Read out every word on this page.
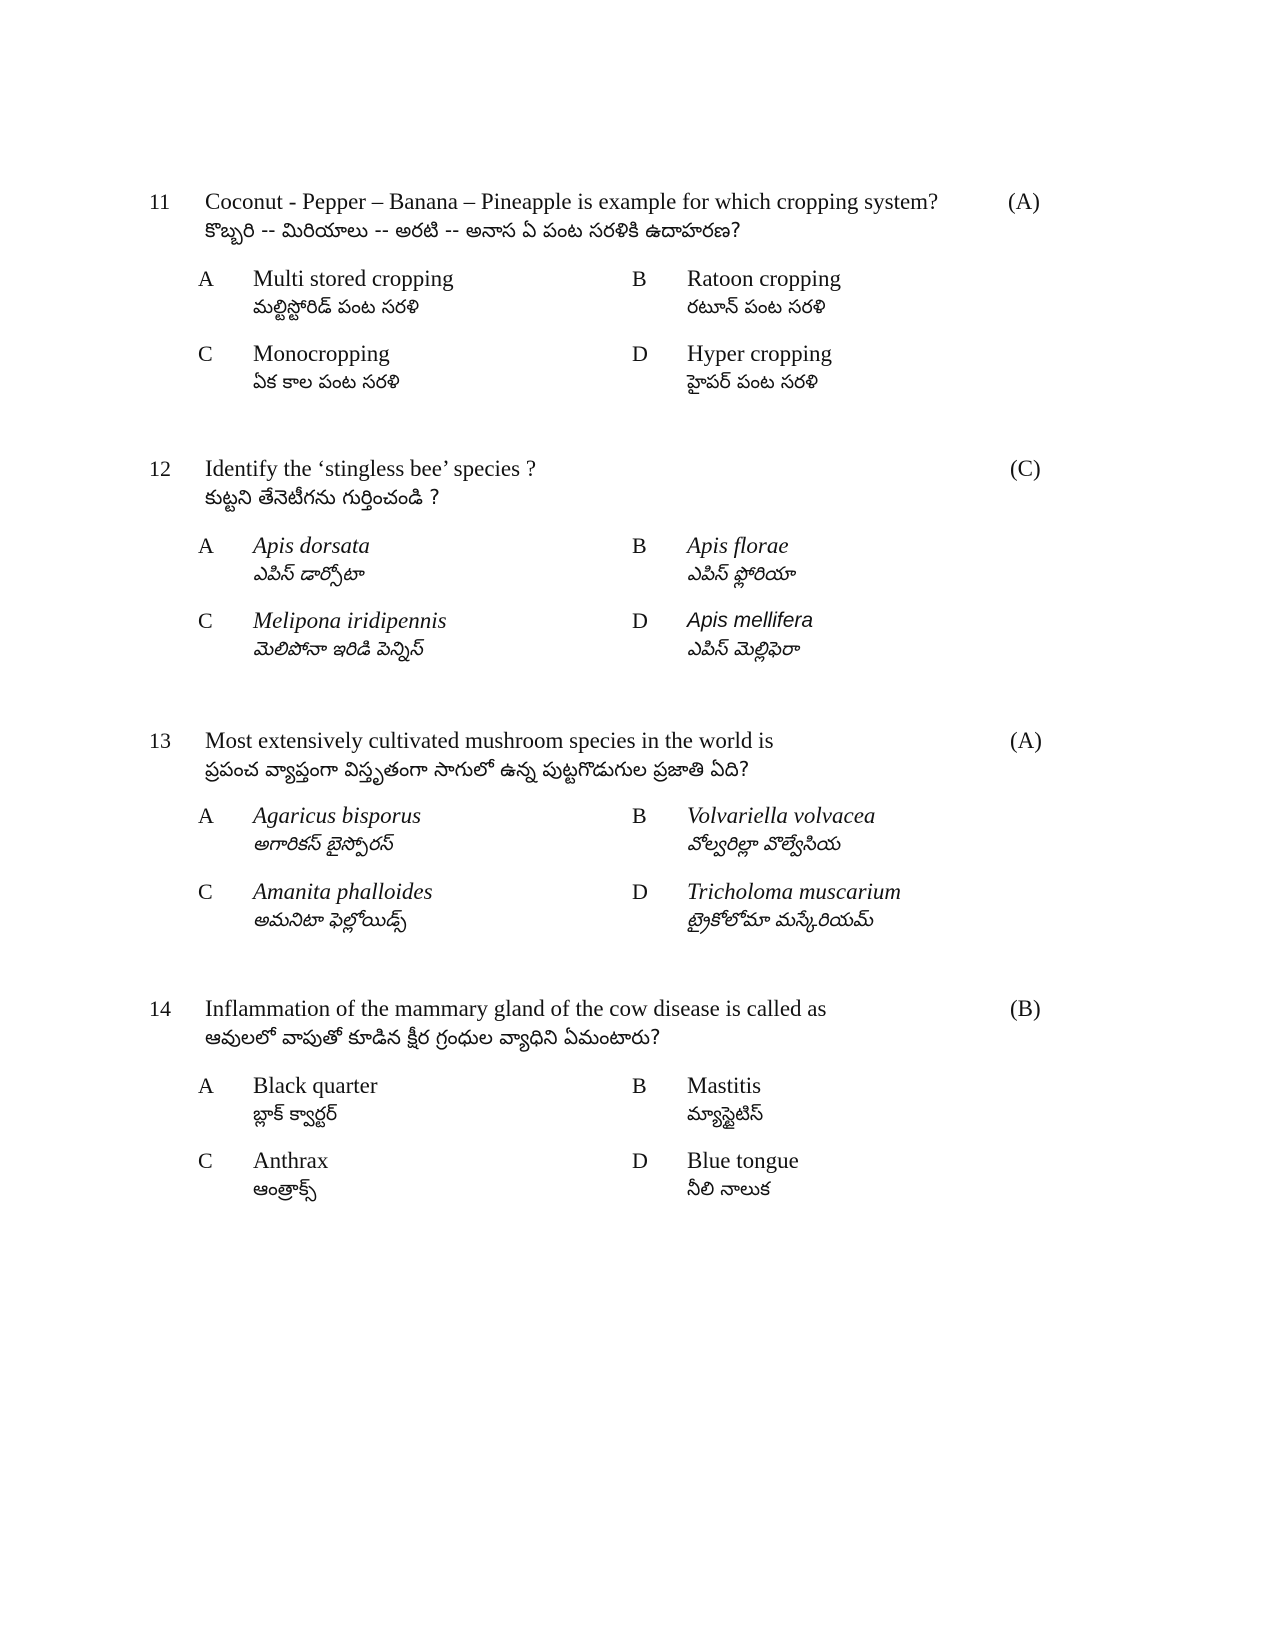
11 Coconut - Pepper – Banana – Pineapple is example for which cropping system?
కొబ్బరి -- మిరియాలు -- అరటి -- అనాస ఏ పంట సరళికి ఉదాహరణ?
(A)
A Multi stored cropping
మల్టిస్టోరిడ్ పంట సరళి
B Ratoon cropping
రటూన్ పంట సరళి
C Monocropping
ఏక కాల పంట సరళి
D Hyper cropping
హైపర్ పంట సరళి
12 Identify the ‘stingless bee’ species ?
కుట్టని తేనెటీగను గుర్తించండి ?
(C)
A Apis dorsata
ఎపిస్ డార్సోటా
B Apis florae
ఎపిస్ ఫ్లోరియా
C Melipona iridipennis
మెలిపోనా ఇరిడి పెన్నిస్
D Apis mellifera
ఎపిస్ మెల్లిఫెరా
13 Most extensively cultivated mushroom species in the world is
ప్రపంచ వ్యాప్తంగా విస్తృతంగా సాగులో ఉన్న పుట్టగొడుగుల ప్రజాతి ఏది?
(A)
A Agaricus bisporus
అగారికస్ బైస్పోరస్
B Volvariella volvacea
వోల్వరిల్లా వొల్వేసియ
C Amanita phalloides
అమనిటా ఫెల్లోయిడ్స్
D Tricholoma muscarium
ట్రైకోలోమా మస్కేరియమ్
14 Inflammation of the mammary gland of the cow disease is called as
ఆవులలో వాపుతో కూడిన క్షీర గ్రంధుల వ్యాధిని ఏమంటారు?
(B)
A Black quarter
బ్లాక్ క్వార్టర్
B Mastitis
మ్యాస్టైటిస్
C Anthrax
ఆంత్రాక్స్
D Blue tongue
నీలి నాలుక
